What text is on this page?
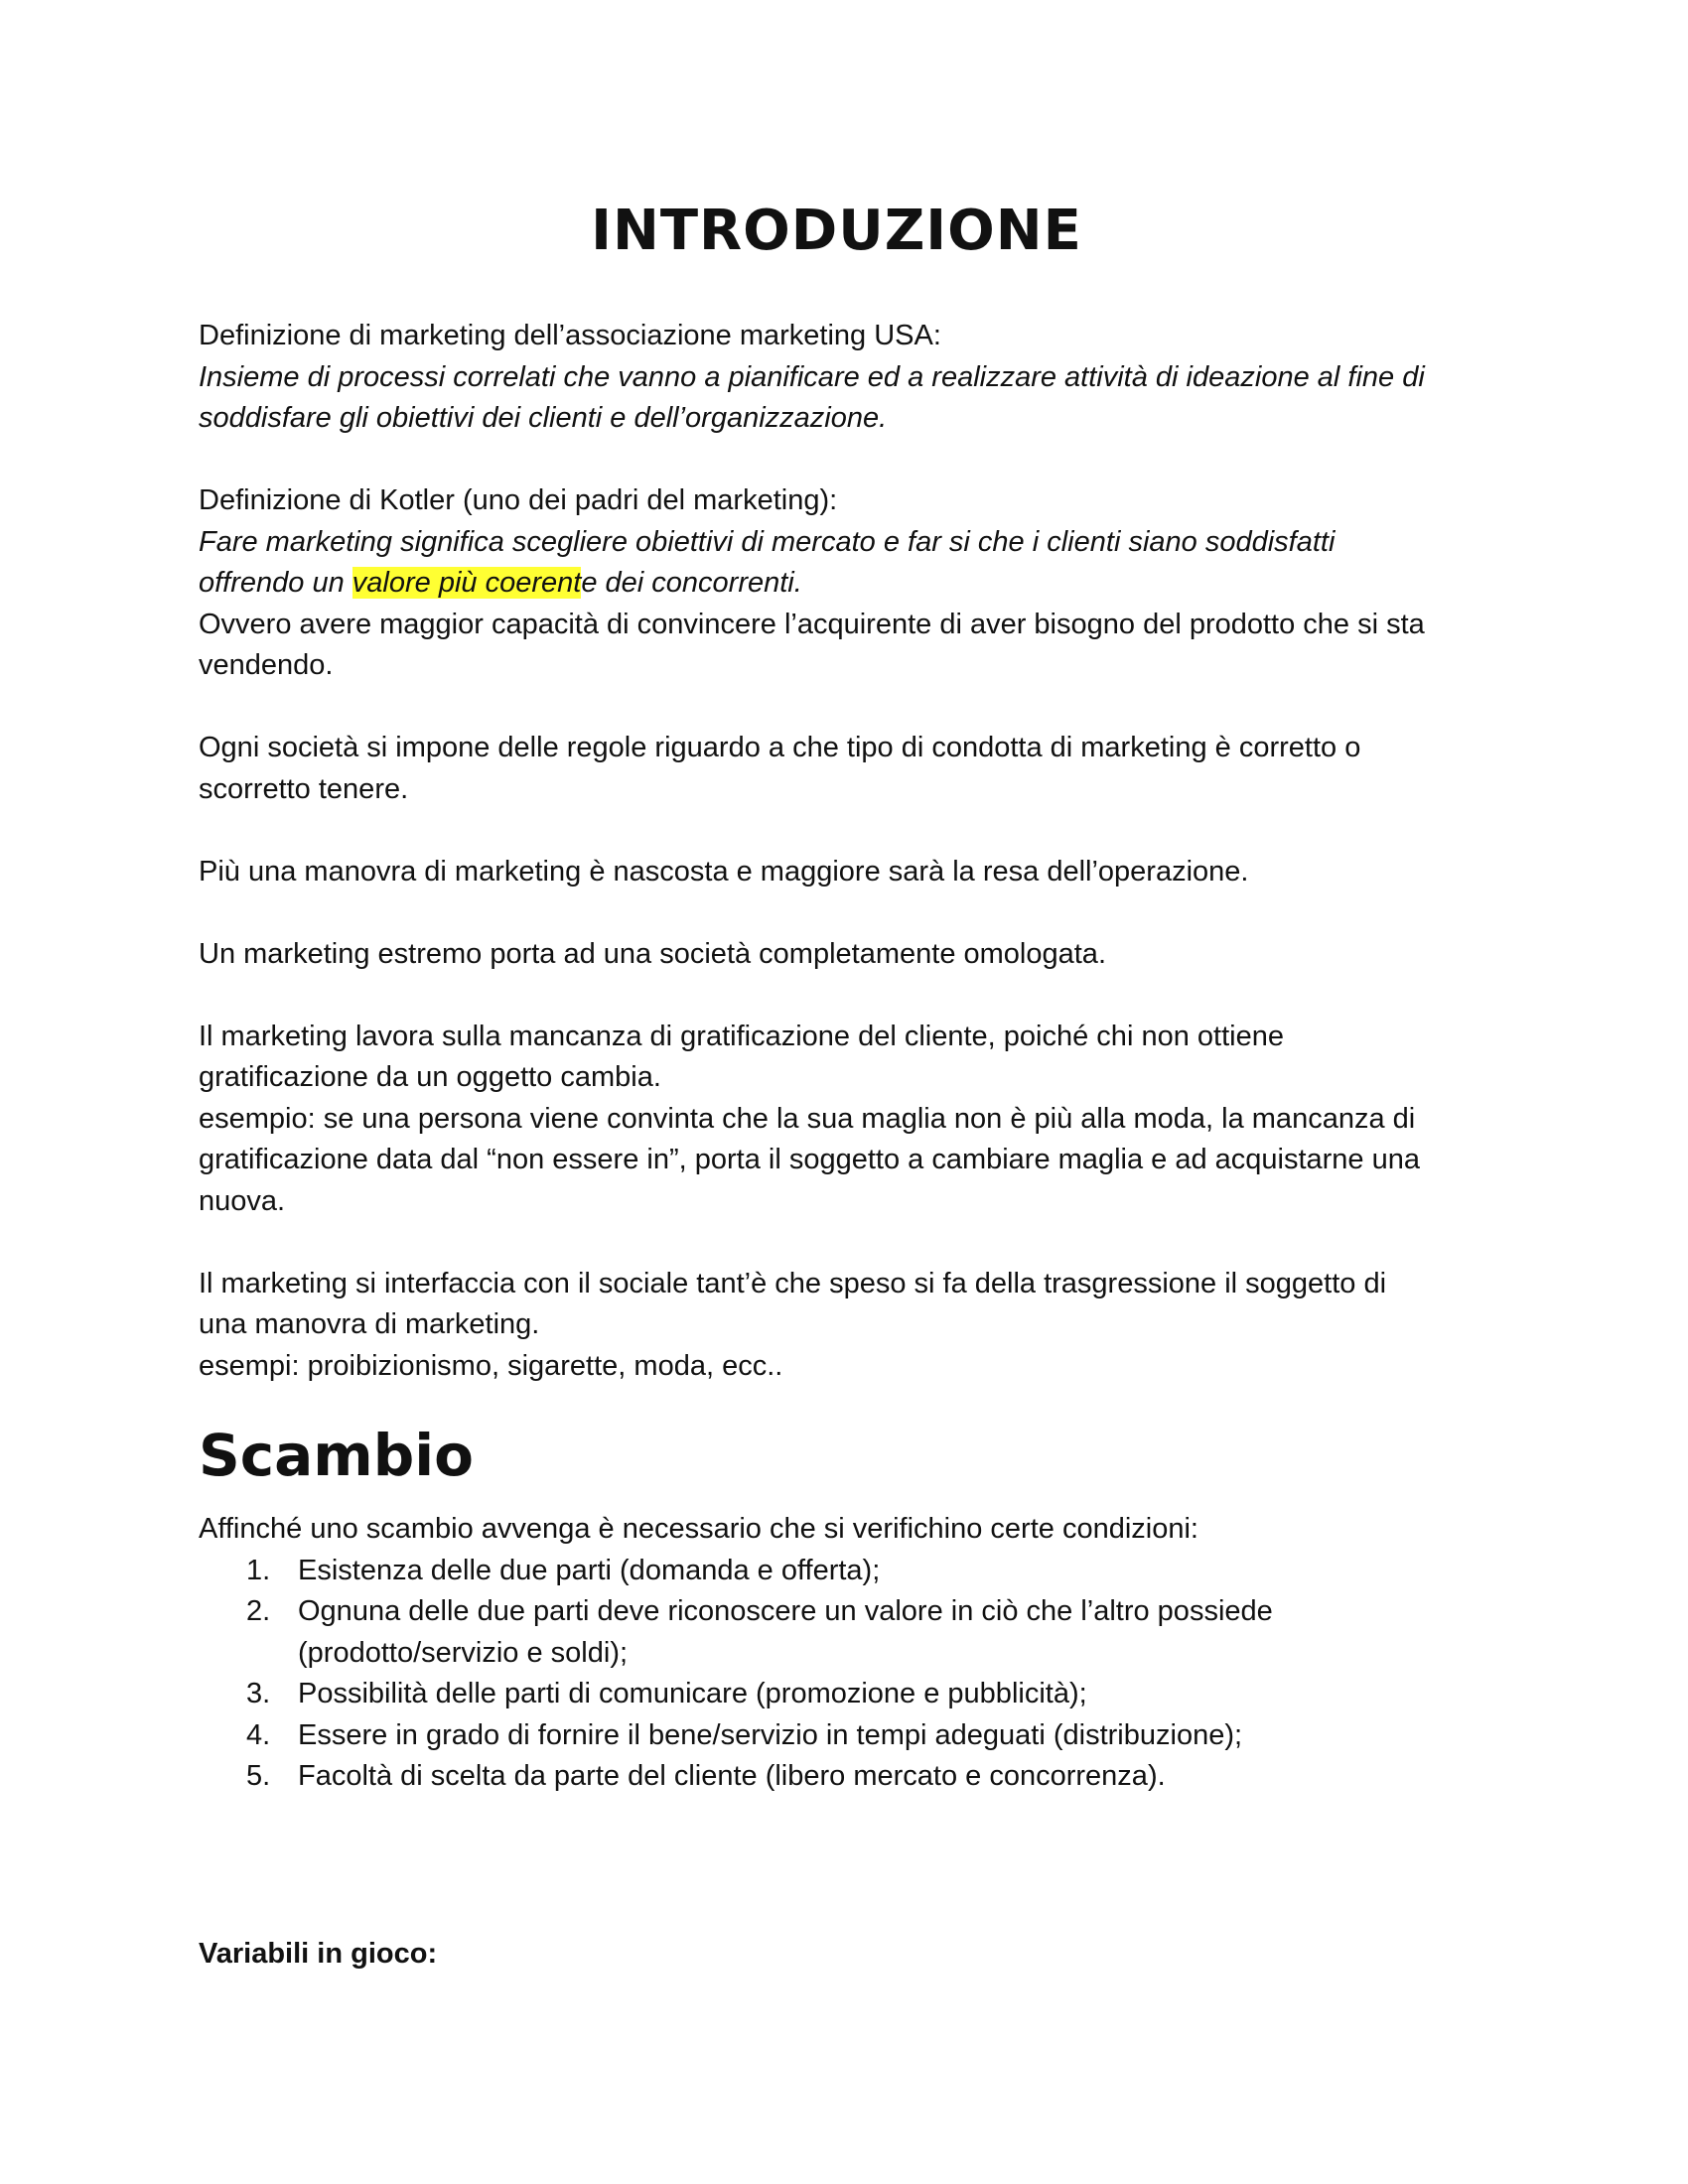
INTRODUZIONE

Definizione di marketing dell’associazione marketing USA:
Insieme di processi correlati che vanno a pianificare ed a realizzare attività di ideazione al fine di
soddisfare gli obiettivi dei clienti e dell’organizzazione.

Definizione di Kotler (uno dei padri del marketing):
Fare marketing significa scegliere obiettivi di mercato e far si che i clienti siano soddisfatti
offrendo un valore più coerente dei concorrenti.
Ovvero avere maggior capacità di convincere l’acquirente di aver bisogno del prodotto che si sta
vendendo.

Ogni società si impone delle regole riguardo a che tipo di condotta di marketing è corretto o
scorretto tenere.

Più una manovra di marketing è nascosta e maggiore sarà la resa dell’operazione.

Un marketing estremo porta ad una società completamente omologata.

Il marketing lavora sulla mancanza di gratificazione del cliente, poiché chi non ottiene
gratificazione da un oggetto cambia.
esempio: se una persona viene convinta che la sua maglia non è più alla moda, la mancanza di
gratificazione data dal “non essere in”, porta il soggetto a cambiare maglia e ad acquistarne una
nuova.

Il marketing si interfaccia con il sociale tant’è che speso si fa della trasgressione il soggetto di
una manovra di marketing.
esempi: proibizionismo, sigarette, moda, ecc..

Scambio
Affinché uno scambio avvenga è necessario che si verifichino certe condizioni:
1. Esistenza delle due parti (domanda e offerta);
2. Ognuna delle due parti deve riconoscere un valore in ciò che l’altro possiede
(prodotto/servizio e soldi);
3. Possibilità delle parti di comunicare (promozione e pubblicità);
4. Essere in grado di fornire il bene/servizio in tempi adeguati (distribuzione);
5. Facoltà di scelta da parte del cliente (libero mercato e concorrenza).

Variabili in gioco:
